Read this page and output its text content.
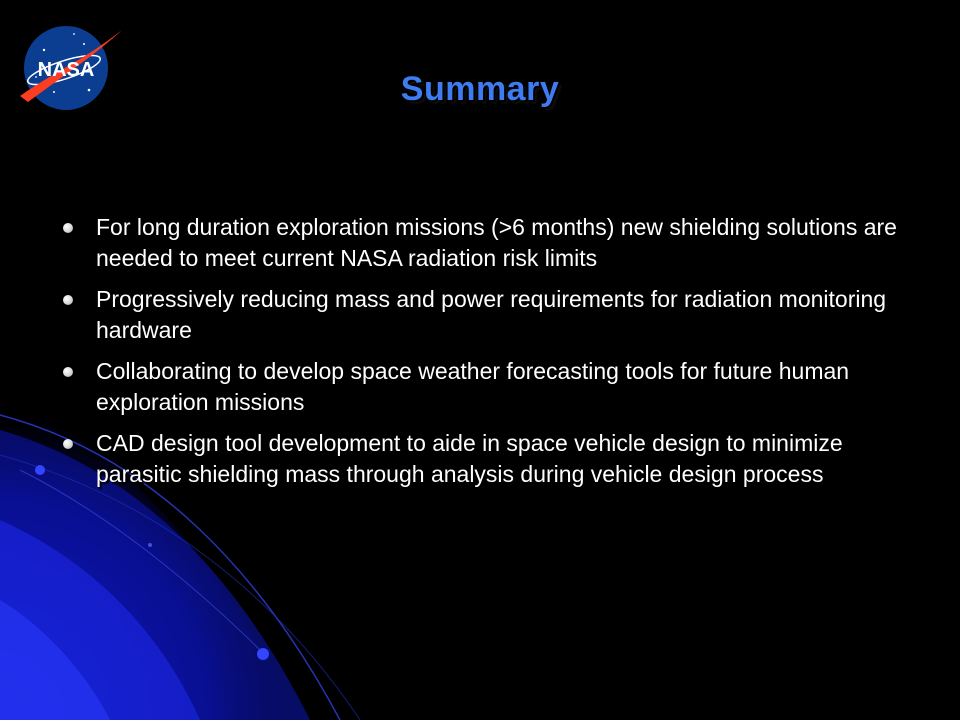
NASA	Summary
For long duration exploration missions (>6 months) new shielding solutions are needed to meet current NASA radiation risk limits
Progressively reducing mass and power requirements for radiation monitoring hardware
Collaborating to develop space weather forecasting tools for future human exploration missions
CAD design tool development to aide in space vehicle design to minimize parasitic shielding mass through analysis during vehicle design process
